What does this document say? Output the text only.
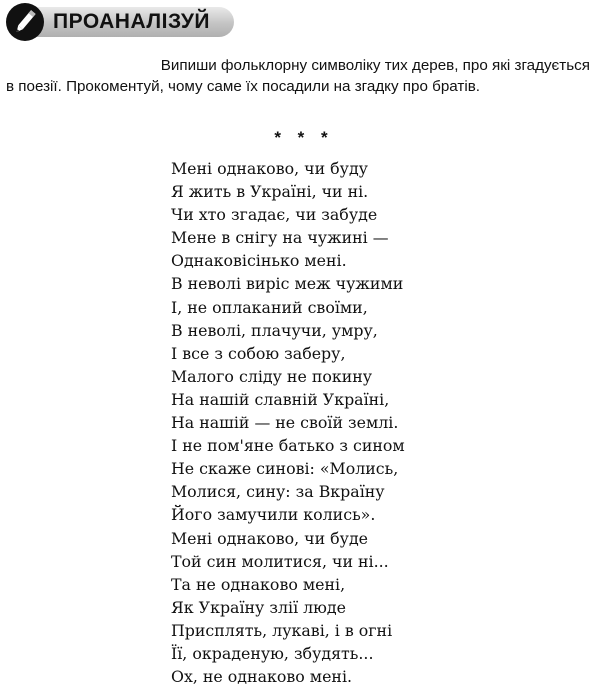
ПРОАНАЛІЗУЙ
Випиши фольклорну символіку тих дерев, про які згадується
в поезії. Прокоментуй, чому саме їх посадили на згадку про братів.
* * *
Мені однаково, чи буду
Я жить в Україні, чи ні.
Чи хто згадає, чи забуде
Мене в снігу на чужині —
Однаковісінько мені.
В неволі виріс меж чужими
І, не оплаканий своїми,
В неволі, плачучи, умру,
І все з собою заберу,
Малого сліду не покину
На нашій славній Україні,
На нашій — не своїй землі.
І не пом'яне батько з сином
Не скаже синові: «Молись,
Молися, сину: за Вкраїну
Його замучили колись».
Мені однаково, чи буде
Той син молитися, чи ні...
Та не однаково мені,
Як Україну злії люде
Присплять, лукаві, і в огні
Її, окраденую, збудять...
Ох, не однаково мені.
